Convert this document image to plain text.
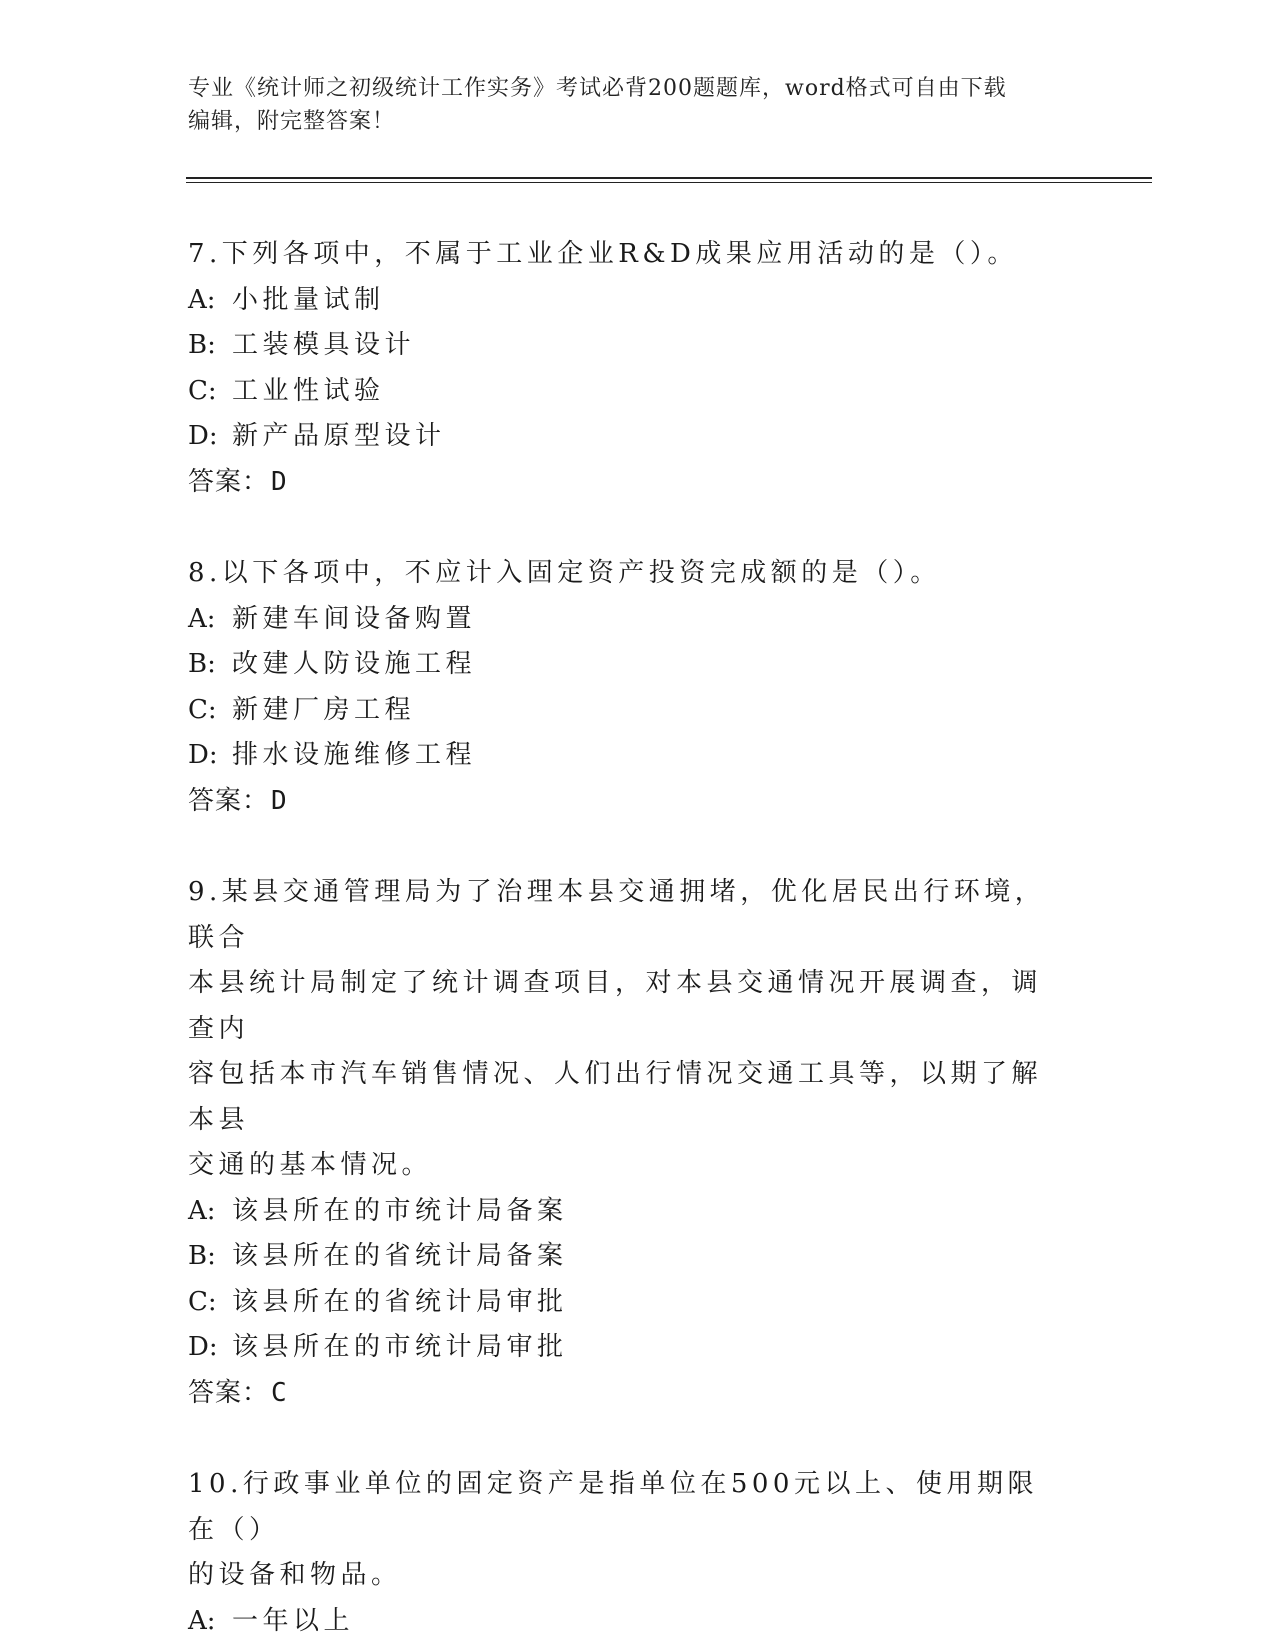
专业《统计师之初级统计工作实务》考试必背200题题库，word格式可自由下载
编辑，附完整答案！

7.下列各项中，不属于工业企业R&D成果应用活动的是（）。

A: 小批量试制
B: 工装模具设计
C: 工业性试验
D: 新产品原型设计

答案：D

8.以下各项中，不应计入固定资产投资完成额的是（）。

A: 新建车间设备购置
B: 改建人防设施工程
C: 新建厂房工程
D: 排水设施维修工程

答案：D

9.某县交通管理局为了治理本县交通拥堵，优化居民出行环境，联合

本县统计局制定了统计调查项目，对本县交通情况开展调查，调查内

容包括本市汽车销售情况、人们出行情况交通工具等，以期了解本县

交通的基本情况。

A: 该县所在的市统计局备案
B: 该县所在的省统计局备案
C: 该县所在的省统计局审批
D: 该县所在的市统计局审批

答案：C

10.行政事业单位的固定资产是指单位在500元以上、使用期限在（）

的设备和物品。

A: 一年以上
